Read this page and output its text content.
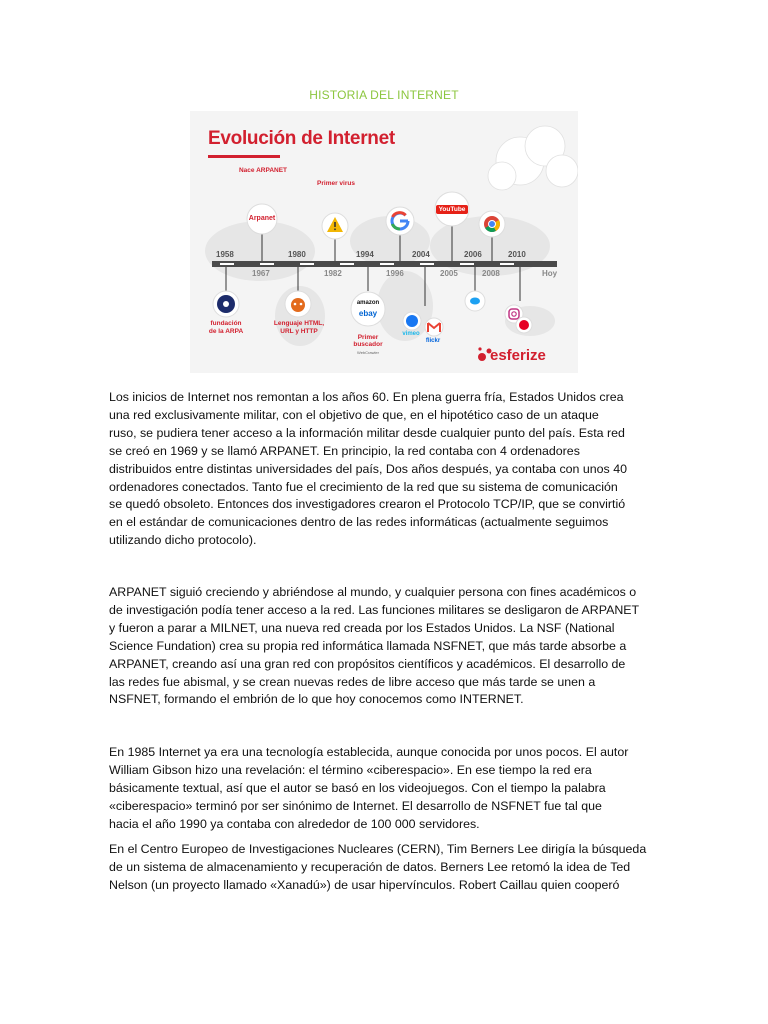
HISTORIA DEL INTERNET
Evolución de Internet
Nace ARPANET
Primer virus
Arpanet
YouTube
1958
1967
1980
1982
1994
1996
2004
2005
2006
2008
2010
Hoy
fundación
de la ARPA
Lenguaje HTML,
URL y HTTP
amazon
ebay
Primer
buscador
WebCrawler
vimeo
flickr
esferize
Los inicios de Internet nos remontan a los años 60. En plena guerra fría, Estados Unidos crea
una red exclusivamente militar, con el objetivo de que, en el hipotético caso de un ataque
ruso, se pudiera tener acceso a la información militar desde cualquier punto del país. Esta red
se creó en 1969 y se llamó ARPANET. En principio, la red contaba con 4 ordenadores
distribuidos entre distintas universidades del país, Dos años después, ya contaba con unos 40
ordenadores conectados. Tanto fue el crecimiento de la red que su sistema de comunicación
se quedó obsoleto. Entonces dos investigadores crearon el Protocolo TCP/IP, que se convirtió
en el estándar de comunicaciones dentro de las redes informáticas (actualmente seguimos
utilizando dicho protocolo).
ARPANET siguió creciendo y abriéndose al mundo, y cualquier persona con fines académicos o
de investigación podía tener acceso a la red. Las funciones militares se desligaron de ARPANET
y fueron a parar a MILNET, una nueva red creada por los Estados Unidos. La NSF (National
Science Fundation) crea su propia red informática llamada NSFNET, que más tarde absorbe a
ARPANET, creando así una gran red con propósitos científicos y académicos. El desarrollo de
las redes fue abismal, y se crean nuevas redes de libre acceso que más tarde se unen a
NSFNET, formando el embrión de lo que hoy conocemos como INTERNET.
En 1985 Internet ya era una tecnología establecida, aunque conocida por unos pocos. El autor
William Gibson hizo una revelación: el término «ciberespacio». En ese tiempo la red era
básicamente textual, así que el autor se basó en los videojuegos. Con el tiempo la palabra
«ciberespacio» terminó por ser sinónimo de Internet. El desarrollo de NSFNET fue tal que
hacia el año 1990 ya contaba con alrededor de 100 000 servidores.
En el Centro Europeo de Investigaciones Nucleares (CERN), Tim Berners Lee dirigía la búsqueda
de un sistema de almacenamiento y recuperación de datos. Berners Lee retomó la idea de Ted
Nelson (un proyecto llamado «Xanadú») de usar hipervínculos. Robert Caillau quien cooperó
